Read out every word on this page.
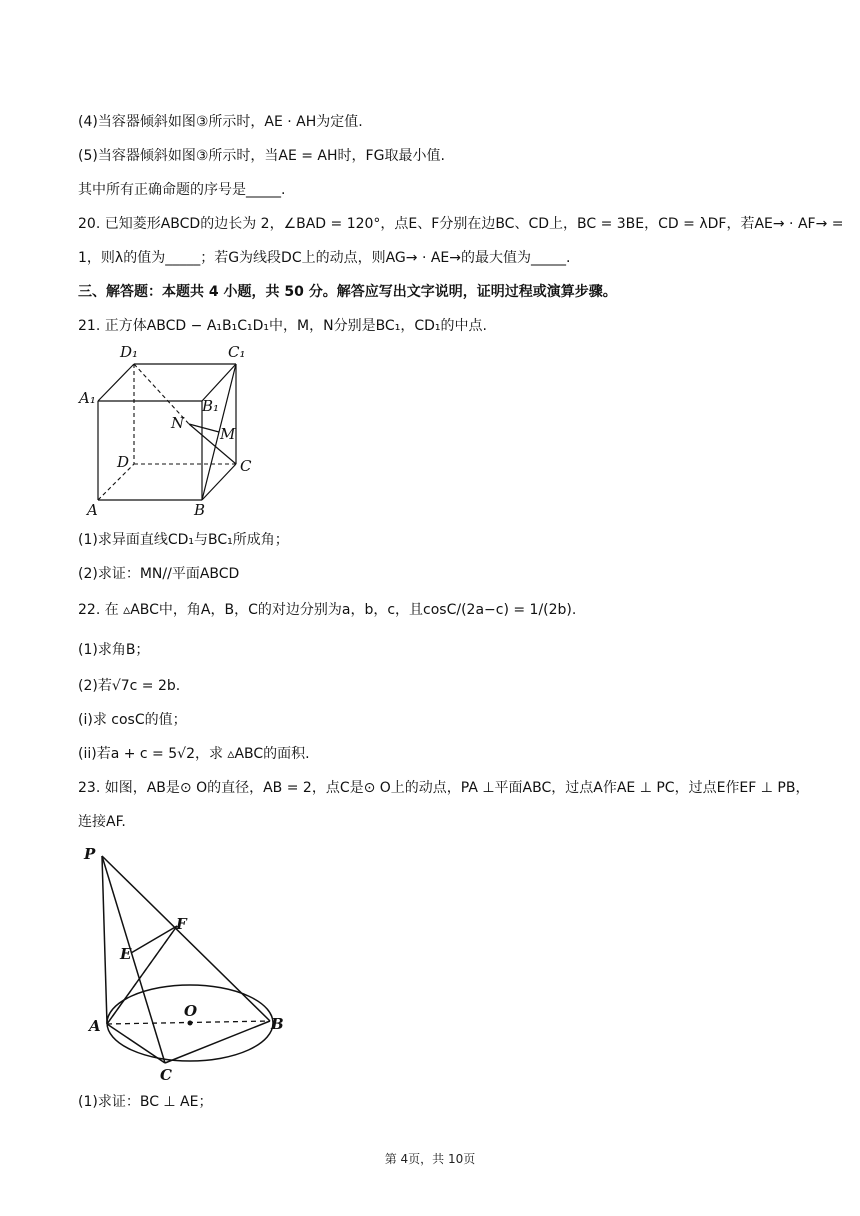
(4)当容器倾斜如图③所示时，AE · AH为定值.
(5)当容器倾斜如图③所示时，当AE = AH时，FG取最小值.
其中所有正确命题的序号是_____.
20. 已知菱形ABCD的边长为 2，∠BAD = 120°，点E、F分别在边BC、CD上，BC = 3BE，CD = λDF，若AE→ · AF→ =
1，则λ的值为_____；若G为线段DC上的动点，则AG→ · AE→的最大值为_____.
三、解答题：本题共 4 小题，共 50 分。解答应写出文字说明，证明过程或演算步骤。
21. 正方体ABCD − A₁B₁C₁D₁中，M，N分别是BC₁，CD₁的中点.
D₁	C₁
A₁	B₁
N
M
D	C
A	B
(1)求异面直线CD₁与BC₁所成角；
(2)求证：MN//平面ABCD
22. 在 ▵ABC中，角A，B，C的对边分别为a，b，c，且cosC/(2a−c) = 1/(2b).
(1)求角B；
(2)若√7c = 2b.
(i)求 cosC的值；
(ii)若a + c = 5√2，求 ▵ABC的面积.
23. 如图，AB是⊙ O的直径，AB = 2，点C是⊙ O上的动点，PA ⊥平面ABC，过点A作AE ⊥ PC，过点E作EF ⊥ PB，
连接AF.
P
F
E
O
A	B
C
(1)求证：BC ⊥ AE；
第 4页，共 10页
